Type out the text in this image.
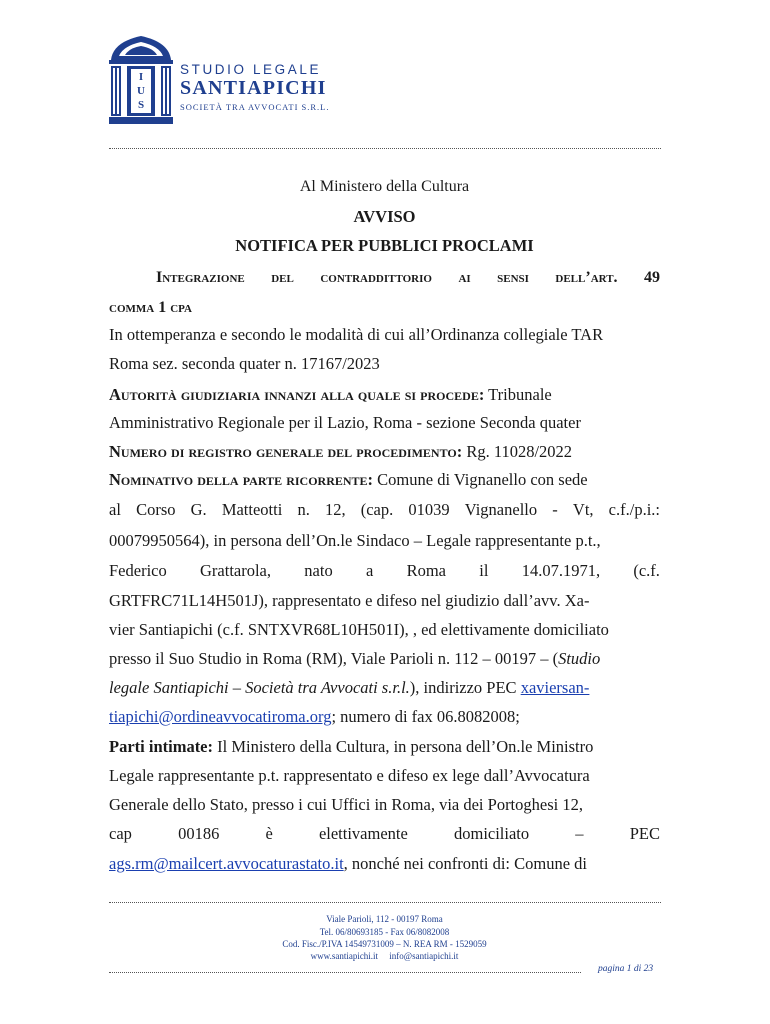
I
U
S
STUDIO LEGALE
SANTIAPICHI
SOCIETÀ TRA AVVOCATI S.R.L.
Al Ministero della Cultura
AVVISO
NOTIFICA PER PUBBLICI PROCLAMI
Integrazione del contraddittorio ai sensi dell’art. 49
comma 1 cpa
In ottemperanza e secondo le modalità di cui all’Ordinanza collegiale TAR
Roma sez. seconda quater n. 17167/2023
Autorità giudiziaria innanzi alla quale si procede: Tribunale
Amministrativo Regionale per il Lazio, Roma - sezione Seconda quater
Numero di registro generale del procedimento: Rg. 11028/2022
Nominativo della parte ricorrente: Comune di Vignanello con sede
al Corso G. Matteotti n. 12, (cap. 01039 Vignanello - Vt, c.f./p.i.:
00079950564), in persona dell’On.le Sindaco – Legale rappresentante p.t.,
Federico Grattarola, nato a Roma il 14.07.1971, (c.f.
GRTFRC71L14H501J), rappresentato e difeso nel giudizio dall’avv. Xa-
vier Santiapichi (c.f. SNTXVR68L10H501I), , ed elettivamente domiciliato
presso il Suo Studio in Roma (RM), Viale Parioli n. 112 – 00197 – (Studio
legale Santiapichi – Società tra Avvocati s.r.l.), indirizzo PEC xaviersan-
tiapichi@ordineavvocatiroma.org; numero di fax 06.8082008;
Parti intimate: Il Ministero della Cultura, in persona dell’On.le Ministro
Legale rappresentante p.t. rappresentato e difeso ex lege dall’Avvocatura
Generale dello Stato, presso i cui Uffici in Roma, via dei Portoghesi 12,
cap	00186	è	elettivamente	domiciliato	–	PEC
ags.rm@mailcert.avvocaturastato.it, nonché nei confronti di: Comune di
Viale Parioli, 112 - 00197 Roma
Tel. 06/80693185 - Fax 06/8082008
Cod. Fisc./P.IVA 14549731009 – N. REA RM - 1529059
www.santiapichi.it     info@santiapichi.it
pagina 1 di 23
